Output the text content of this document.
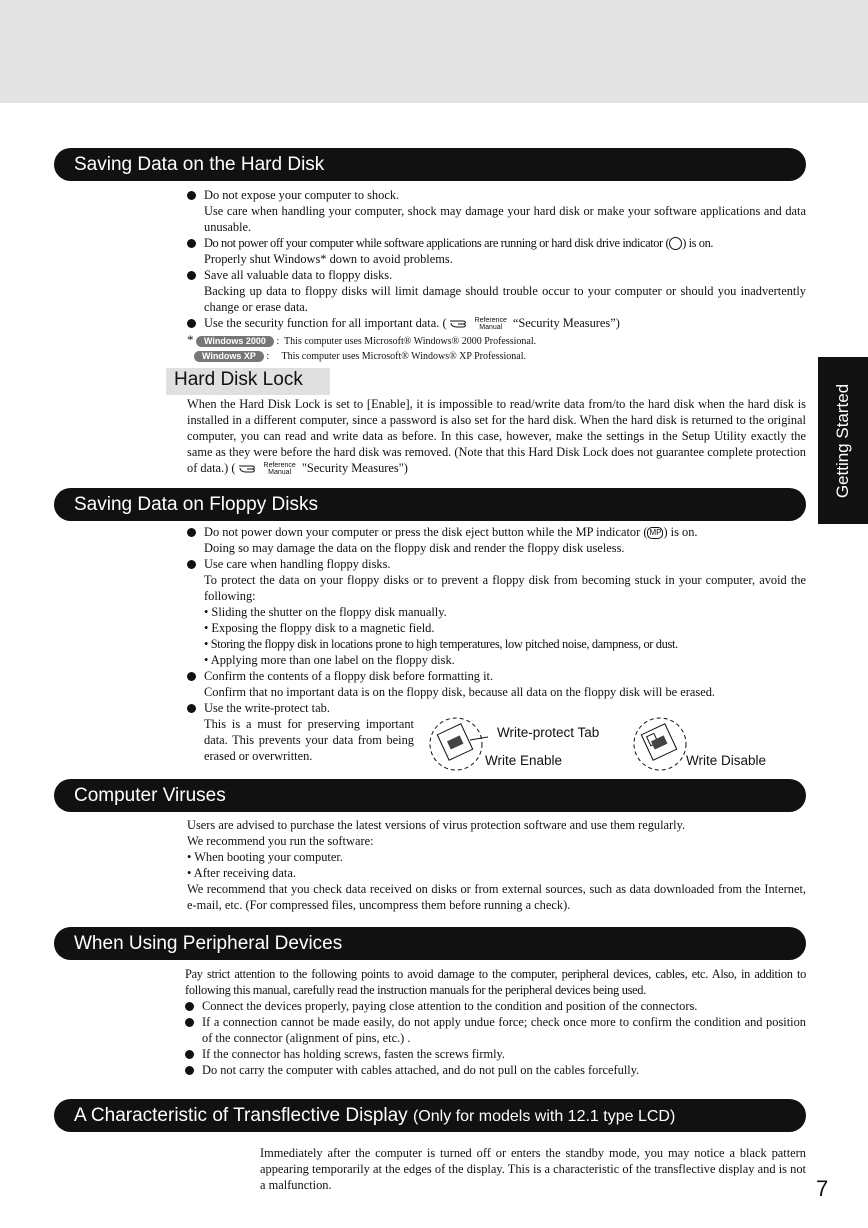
Getting Started
Saving Data on the Hard Disk

Do not expose your computer to shock.

Use care when handling your computer, shock may damage your hard disk or make your software applications and data unusable.

Do not power off your computer while software applications are running or hard disk drive indicator ( ) is on.

Properly shut Windows* down to avoid problems.

Save all valuable data to floppy disks.

Backing up data to floppy disks will limit damage should trouble occur to your computer or should you inadvertently change or erase data.

Use the security function for all important data. (	Reference
Manual “Security Measures”)

* Windows 2000 : This computer uses Microsoft® Windows® 2000 Professional.
Windows XP : This computer uses Microsoft® Windows® XP Professional.
Hard Disk Lock

When the Hard Disk Lock is set to [Enable], it is impossible to read/write data from/to the hard disk when the hard disk is installed in a different computer, since a password is also set for the hard disk. When the hard disk is returned to the original computer, you can read and write data as before. In this case, however, make the settings in the Setup Utility exactly the same as they were before the hard disk was removed. (Note that this Hard Disk Lock does not guarantee complete protection of data.) (	Reference
Manual "Security Measures")

Saving Data on Floppy Disks

Do not power down your computer or press the disk eject button while the MP indicator ( MP ) is on.

Doing so may damage the data on the floppy disk and render the floppy disk useless.

Use care when handling floppy disks.

To protect the data on your floppy disks or to prevent a floppy disk from becoming stuck in your computer, avoid the following:

• Sliding the shutter on the floppy disk manually.

• Exposing the floppy disk to a magnetic field.

• Storing the floppy disk in locations prone to high temperatures, low pitched noise, dampness, or dust.

• Applying more than one label on the floppy disk.

Confirm the contents of a floppy disk before formatting it.

Confirm that no important data is on the floppy disk, because all data on the floppy disk will be erased.

Use the write-protect tab.

This is a must for preserving important data. This prevents your data from being erased or overwritten.

Write-protect Tab
Write Enable	Write Disable
Computer Viruses

Users are advised to purchase the latest versions of virus protection software and use them regularly.

We recommend you run the software:

• When booting your computer.

• After receiving data.

We recommend that you check data received on disks or from external sources, such as data downloaded from the Internet, e-mail, etc. (For compressed files, uncompress them before running a check).

When Using Peripheral Devices

Pay strict attention to the following points to avoid damage to the computer, peripheral devices, cables, etc. Also, in addition to following this manual, carefully read the instruction manuals for the peripheral devices being used.

Connect the devices properly, paying close attention to the condition and position of the connectors.

If a connection cannot be made easily, do not apply undue force; check once more to confirm the condition and position of the connector (alignment of pins, etc.) .

If the connector has holding screws, fasten the screws firmly.

Do not carry the computer with cables attached, and do not pull on the cables forcefully.

A Characteristic of Transflective Display (Only for models with 12.1 type LCD)

Immediately after the computer is turned off or enters the standby mode, you may notice a black pattern appearing temporarily at the edges of the display. This is a characteristic of the transflective display and is not a malfunction.	7
